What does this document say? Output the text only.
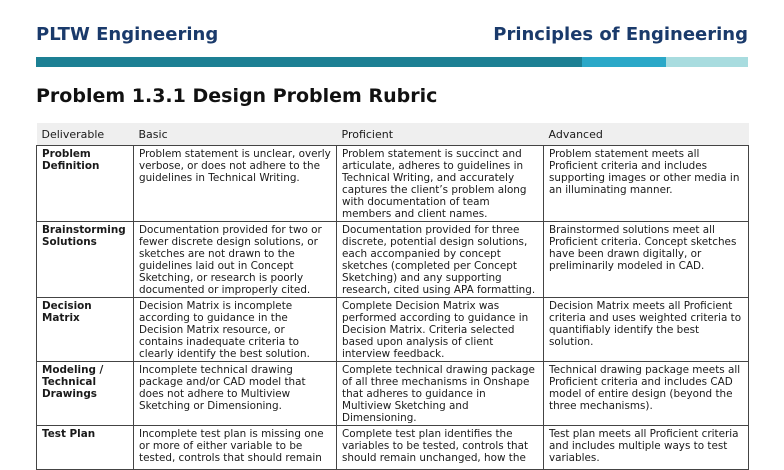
PLTW Engineering	Principles of Engineering
Problem 1.3.1 Design Problem Rubric
Deliverable	Basic	Proficient	Advanced
Problem Definition	Problem statement is unclear, overly verbose, or does not adhere to the guidelines in Technical Writing.	Problem statement is succinct and articulate, adheres to guidelines in Technical Writing, and accurately captures the client’s problem along with documentation of team members and client names.	Problem statement meets all Proficient criteria and includes supporting images or other media in an illuminating manner.
Brainstorming Solutions	Documentation provided for two or fewer discrete design solutions, or sketches are not drawn to the guidelines laid out in Concept Sketching, or research is poorly documented or improperly cited.	Documentation provided for three discrete, potential design solutions, each accompanied by concept sketches (completed per Concept Sketching) and any supporting research, cited using APA formatting.	Brainstormed solutions meet all Proficient criteria. Concept sketches have been drawn digitally, or preliminarily modeled in CAD.
Decision Matrix	Decision Matrix is incomplete according to guidance in the Decision Matrix resource, or contains inadequate criteria to clearly identify the best solution.	Complete Decision Matrix was performed according to guidance in Decision Matrix. Criteria selected based upon analysis of client interview feedback.	Decision Matrix meets all Proficient criteria and uses weighted criteria to quantifiably identify the best solution.
Modeling / Technical Drawings	Incomplete technical drawing package and/or CAD model that does not adhere to Multiview Sketching or Dimensioning.	Complete technical drawing package of all three mechanisms in Onshape that adheres to guidance in Multiview Sketching and Dimensioning.	Technical drawing package meets all Proficient criteria and includes CAD model of entire design (beyond the three mechanisms).
Test Plan	Incomplete test plan is missing one or more of either variable to be tested, controls that should remain	Complete test plan identifies the variables to be tested, controls that should remain unchanged, how the	Test plan meets all Proficient criteria and includes multiple ways to test variables.
